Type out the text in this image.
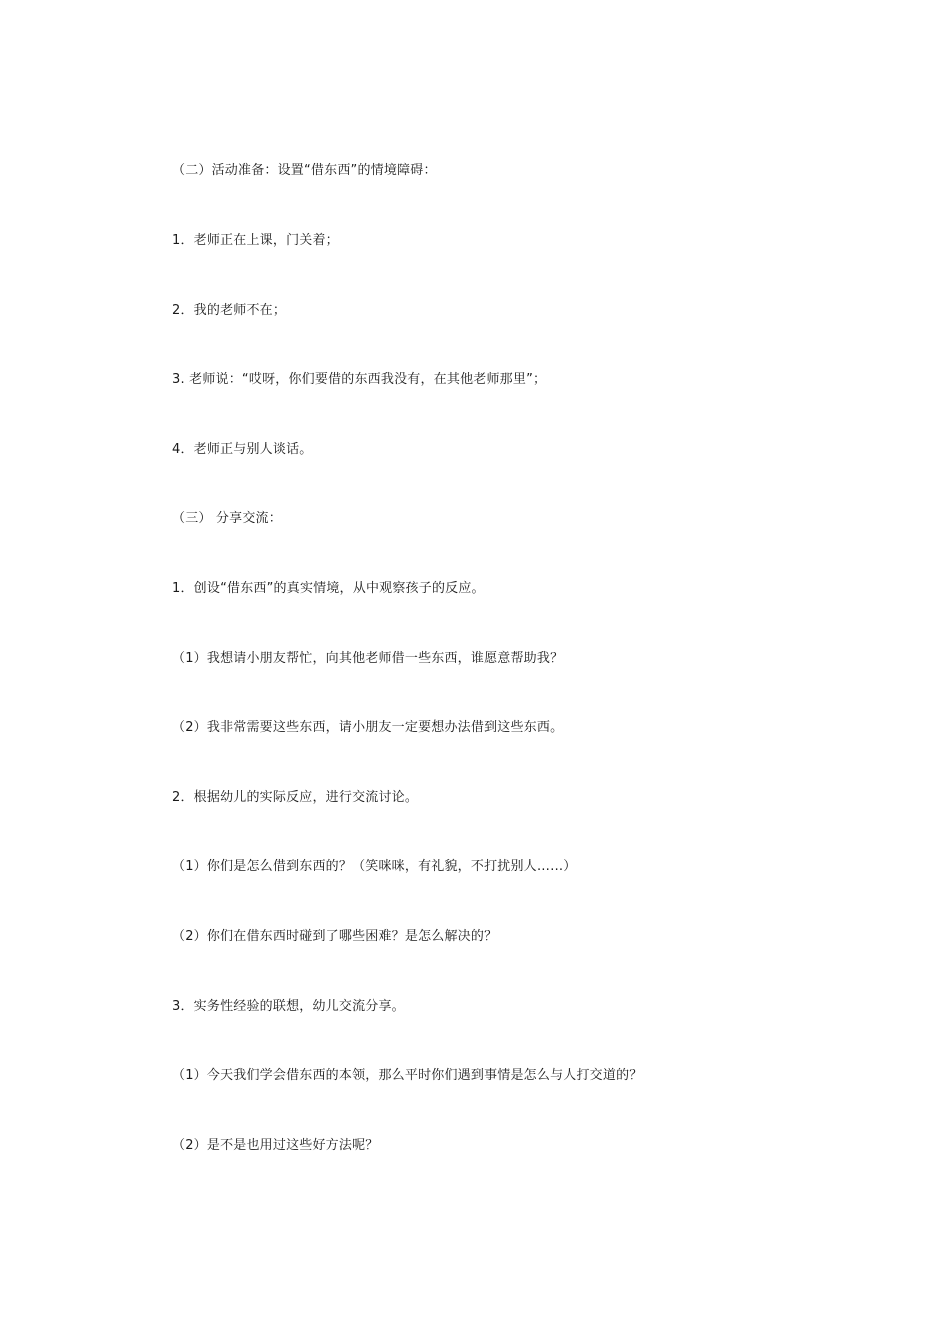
（二）活动准备：设置“借东西”的情境障碍：

1．老师正在上课，门关着；

2．我的老师不在；

3. 老师说：“哎呀，你们要借的东西我没有，在其他老师那里”；

4．老师正与别人谈话。

（三） 分享交流：

1．创设“借东西”的真实情境，从中观察孩子的反应。

（1）我想请小朋友帮忙，向其他老师借一些东西，谁愿意帮助我？

（2）我非常需要这些东西，请小朋友一定要想办法借到这些东西。

2．根据幼儿的实际反应，进行交流讨论。

（1）你们是怎么借到东西的？（笑咪咪，有礼貌，不打扰别人……）

（2）你们在借东西时碰到了哪些困难？是怎么解决的？

3．实务性经验的联想，幼儿交流分享。

（1）今天我们学会借东西的本领，那么平时你们遇到事情是怎么与人打交道的？

（2）是不是也用过这些好方法呢？
